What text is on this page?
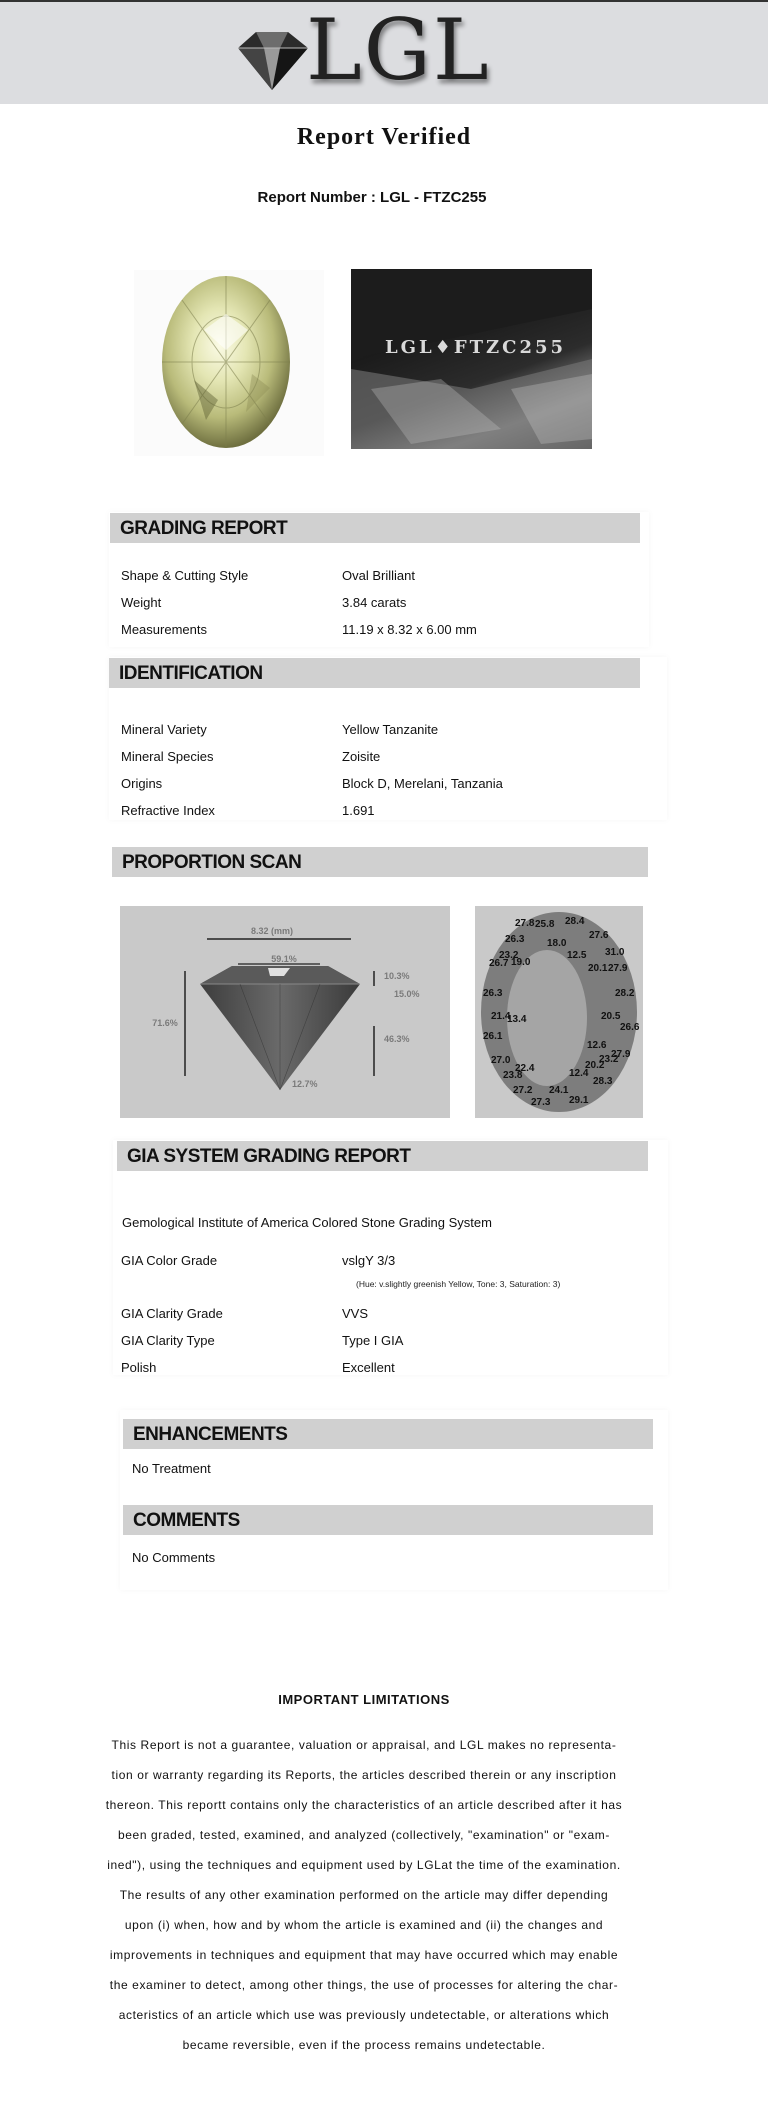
LGL
Report Verified
Report Number : LGL - FTZC255
LGL♦FTZC255
GRADING REPORT
Shape & Cutting Style	Oval Brilliant
Weight	3.84 carats
Measurements	11.19 x 8.32 x 6.00 mm
IDENTIFICATION
Mineral Variety	Yellow Tanzanite
Mineral Species	Zoisite
Origins	Block D, Merelani, Tanzania
Refractive Index	1.691
PROPORTION SCAN
8.32 (mm)
59.1%
71.6%
10.3%
15.0%
46.3%
12.7%
27.8 25.8 28.4
26.3 18.0
27.6
31.0
23.2	12.5
26.7 19.0
20.1 27.9
26.3	28.2
21.4
13.4	20.5
26.1
26.6
12.6
27.0
27.9
22.4	20.2
23.2
23.8	12.4
28.3
27.2 24.1
27.3 29.1
GIA SYSTEM GRADING REPORT
Gemological Institute of America Colored Stone Grading System
GIA Color Grade	vslgY 3/3
(Hue: v.slightly greenish Yellow, Tone: 3, Saturation: 3)
GIA Clarity Grade	VVS
GIA Clarity Type	Type I GIA
Polish	Excellent
ENHANCEMENTS
No Treatment
COMMENTS
No Comments
IMPORTANT LIMITATIONS
This Report is not a guarantee, valuation or appraisal, and LGL makes no representa-
tion or warranty regarding its Reports, the articles described therein or any inscription
thereon. This reportt contains only the characteristics of an article described after it has
been graded, tested, examined, and analyzed (collectively, "examination" or "exam-
ined"), using the techniques and equipment used by LGLat the time of the examination.
The results of any other examination performed on the article may differ depending
upon (i) when, how and by whom the article is examined and (ii) the changes and
improvements in techniques and equipment that may have occurred which may enable
the examiner to detect, among other things, the use of processes for altering the char-
acteristics of an article which use was previously undetectable, or alterations which
became reversible, even if the process remains undetectable.
